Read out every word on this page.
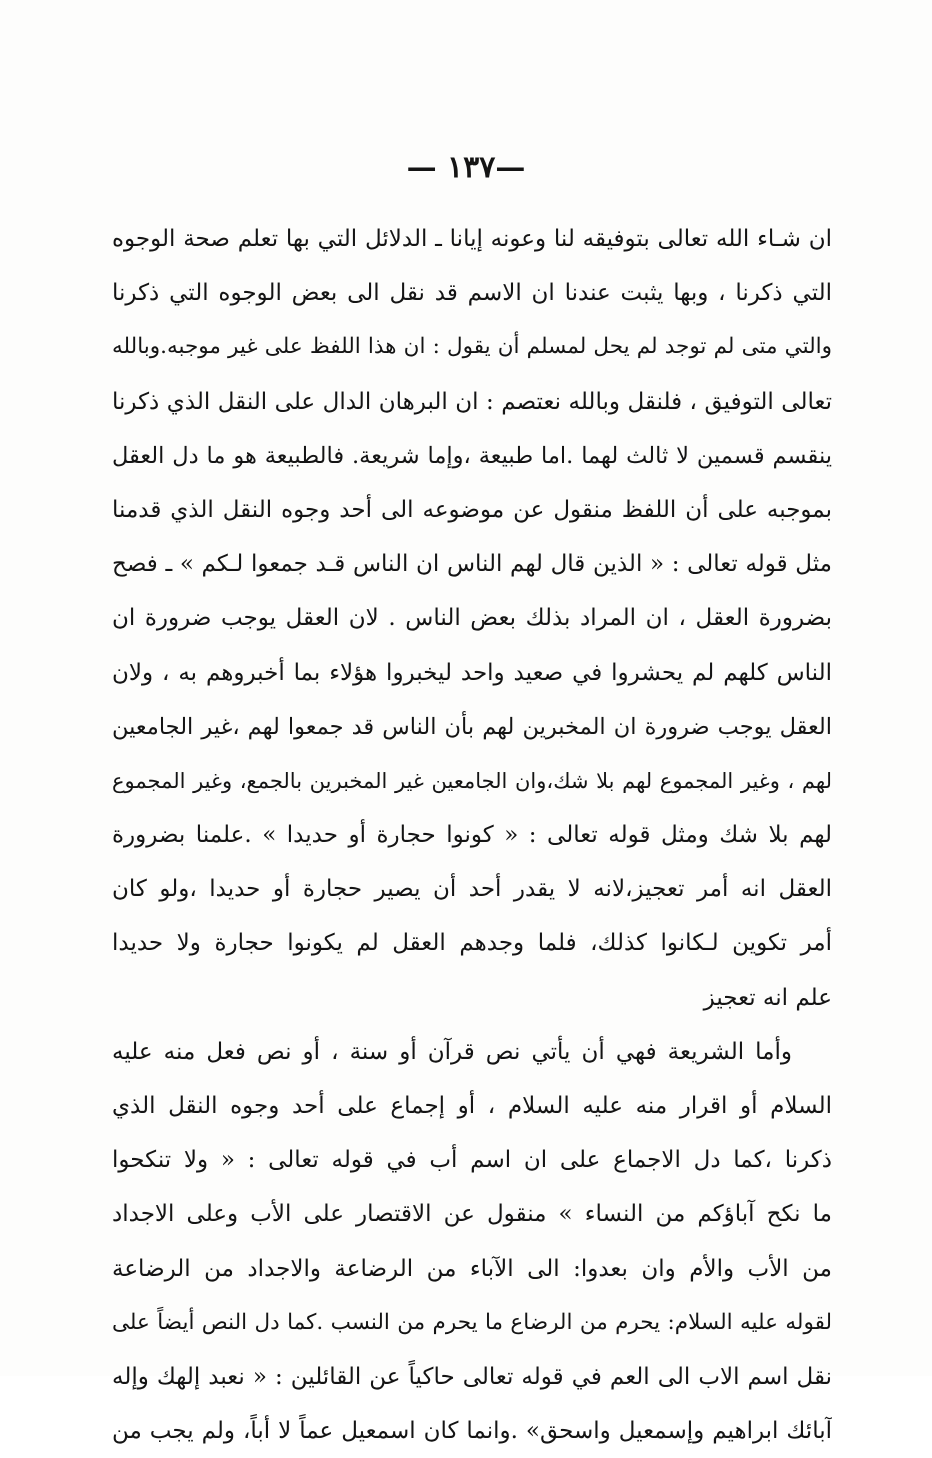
—١٣٧ —
ان شـاء الله تعالى بتوفيقه لنا وعونه إيانا ـ الدلائل التي بها تعلم صحة الوجوه
التي ذكرنا ، وبها يثبت عندنا ان الاسم قد نقل الى بعض الوجوه التي ذكرنا
والتي متى لم توجد لم يحل لمسلم أن يقول : ان هذا اللفظ على غير موجبه.وبالله
تعالى التوفيق ، فلنقل وبالله نعتصم : ان البرهان الدال على النقل الذي ذكرنا
ينقسم قسمين لا ثالث لهما .اما طبيعة ،وإما شريعة. فالطبيعة هو ما دل العقل
بموجبه على أن اللفظ منقول عن موضوعه الى أحد وجوه النقل الذي قدمنا
مثل قوله تعالى : « الذين قال لهم الناس ان الناس قـد جمعوا لـكم » ـ فصح
بضرورة العقل ، ان المراد بذلك بعض الناس . لان العقل يوجب ضرورة ان
الناس كلهم لم يحشروا في صعيد واحد ليخبروا هؤلاء بما أخبروهم به ، ولان
العقل يوجب ضرورة ان المخبرين لهم بأن الناس قد جمعوا لهم ،غير الجامعين
لهم ، وغير المجموع لهم بلا شك،وان الجامعين غير المخبرين بالجمع، وغير المجموع
لهم بلا شك ومثل قوله تعالى : « كونوا حجارة أو حديدا » .علمنا بضرورة
العقل انه أمر تعجيز،لانه لا يقدر أحد أن يصير حجارة أو حديدا ،ولو كان
أمر تكوين لـكانوا كذلك، فلما وجدهم العقل لم يكونوا حجارة ولا حديدا
علم انه تعجيز
وأما الشريعة فهي أن يأتي نص قرآن أو سنة ، أو نص فعل منه عليه
السلام أو اقرار منه عليه السلام ، أو إجماع على أحد وجوه النقل الذي
ذكرنا ،كما دل الاجماع على ان اسم أب في قوله تعالى : « ولا تنكحوا
ما نكح آباؤكم من النساء » منقول عن الاقتصار على الأب وعلى الاجداد
من الأب والأم وان بعدوا: الى الآباء من الرضاعة والاجداد من الرضاعة
لقوله عليه السلام: يحرم من الرضاع ما يحرم من النسب .كما دل النص أيضاً على
نقل اسم الاب الى العم في قوله تعالى حاكياً عن القائلين : « نعبد إلهك وإله
آبائك ابراهيم وإسمعيل واسحق» .وانما كان اسمعيل عماً لا أباً، ولم يجب من
